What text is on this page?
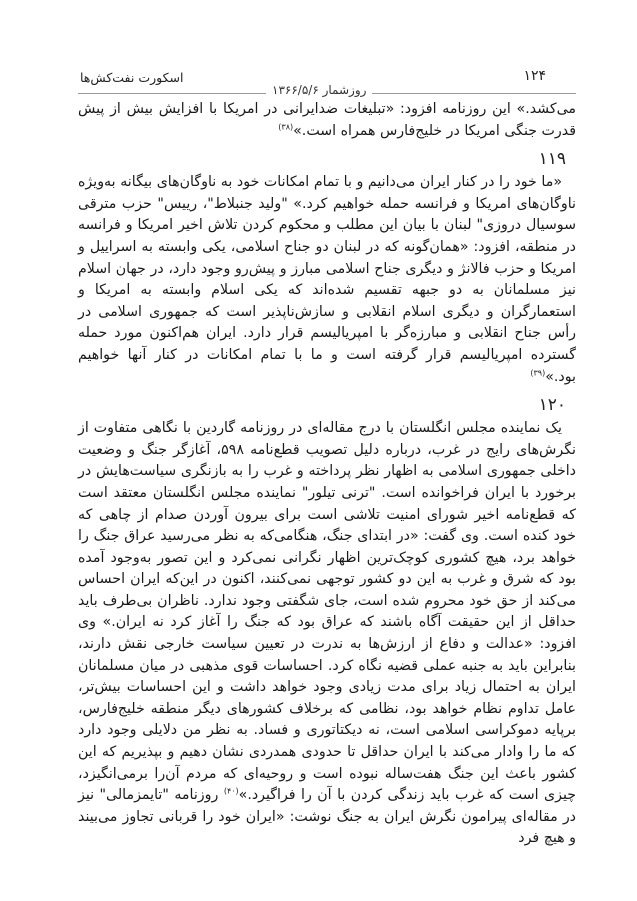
۱۲۴
روزشمار ۱۳۶۶/۵/۶
اسکورت نفت‌کش‌ها

می‌کشد.» این روزنامه افزود: «تبلیغات ضدایرانی در امریکا با افزایش بیش از پیش قدرت جنگی امریکا در خلیج‌فارس همراه است.»$^{(۳۸)}$

۱۱۹

«ما خود را در کنار ایران می‌دانیم و با تمام امکانات خود به ناوگان‌های بیگانه به‌ویژه ناوگان‌های امریکا و فرانسه حمله خواهیم کرد.» "ولید جنبلاط"، رییس" حزب مترقی سوسیال دروزی" لبنان با بیان این مطلب و محکوم کردن تلاش اخیر امریکا و فرانسه در منطقه، افزود: «همان‌گونه که در لبنان دو جناح اسلامی، یکی وابسته به اسراییل و امریکا و حزب فالانژ و دیگری جناح اسلامی مبارز و پیش‌رو وجود دارد، در جهان اسلام نیز مسلمانان به دو جبهه تقسیم شده‌اند که یکی اسلام وابسته به امریکا و استعمارگران و دیگری اسلام انقلابی و سازش‌ناپذیر است که جمهوری اسلامی در رأس جناح انقلابی و مبارزه‌گر با امپریالیسم قرار دارد. ایران هم‌اکنون مورد حمله گسترده امپریالیسم قرار گرفته است و ما با تمام امکانات در کنار آنها خواهیم بود.»$^{(۳۹)}$

۱۲۰

یک نماینده مجلس انگلستان با درج مقاله‌ای در روزنامه گاردین با نگاهی متفاوت از نگرش‌های رایج در غرب، درباره دلیل تصویب قطع‌نامه ۵۹۸، آغازگر جنگ و وضعیت داخلی جمهوری اسلامی به اظهار نظر پرداخته و غرب را به بازنگری سیاست‌هایش در برخورد با ایران فراخوانده است. "ترنی تیلور" نماینده مجلس انگلستان معتقد است که قطع‌نامه اخیر شورای امنیت تلاشی است برای بیرون آوردن صدام از چاهی که خود کنده است. وی گفت: «در ابتدای جنگ، هنگامی‌که به نظر می‌رسید عراق جنگ را خواهد برد، هیچ کشوری کوچک‌ترین اظهار نگرانی نمی‌کرد و این تصور به‌وجود آمده بود که شرق و غرب به این دو کشور توجهی نمی‌کنند، اکنون در این‌که ایران احساس می‌کند از حق خود محروم شده است، جای شگفتی وجود ندارد. ناظران بی‌طرف باید حداقل از این حقیقت آگاه باشند که عراق بود که جنگ را آغاز کرد نه ایران.» وی افزود: «عدالت و دفاع از ارزش‌ها به ندرت در تعیین سیاست خارجی نقش دارند، بنابراین باید به جنبه عملی قضیه نگاه کرد. احساسات قوی مذهبی در میان مسلمانان ایران به احتمال زیاد برای مدت زیادی وجود خواهد داشت و این احساسات بیش‌تر، عامل تداوم نظام خواهد بود، نظامی که برخلاف کشورهای دیگر منطقه خلیج‌فارس، برپایه دموکراسی اسلامی است، نه دیکتاتوری و فساد. به نظر من دلایلی وجود دارد که ما را وادار می‌کند با ایران حداقل تا حدودی همدردی نشان دهیم و بپذیریم که این کشور باعث این جنگ هفت‌ساله نبوده است و روحیه‌ای که مردم آن‌را برمی‌انگیزد، چیزی است که غرب باید زندگی کردن با آن را فراگیرد.»$^{(۴۰)}$ روزنامه "تایمزمالی" نیز در مقاله‌ای پیرامون نگرش ایران به جنگ نوشت: «ایران خود را قربانی تجاوز می‌بیند و هیچ فرد
